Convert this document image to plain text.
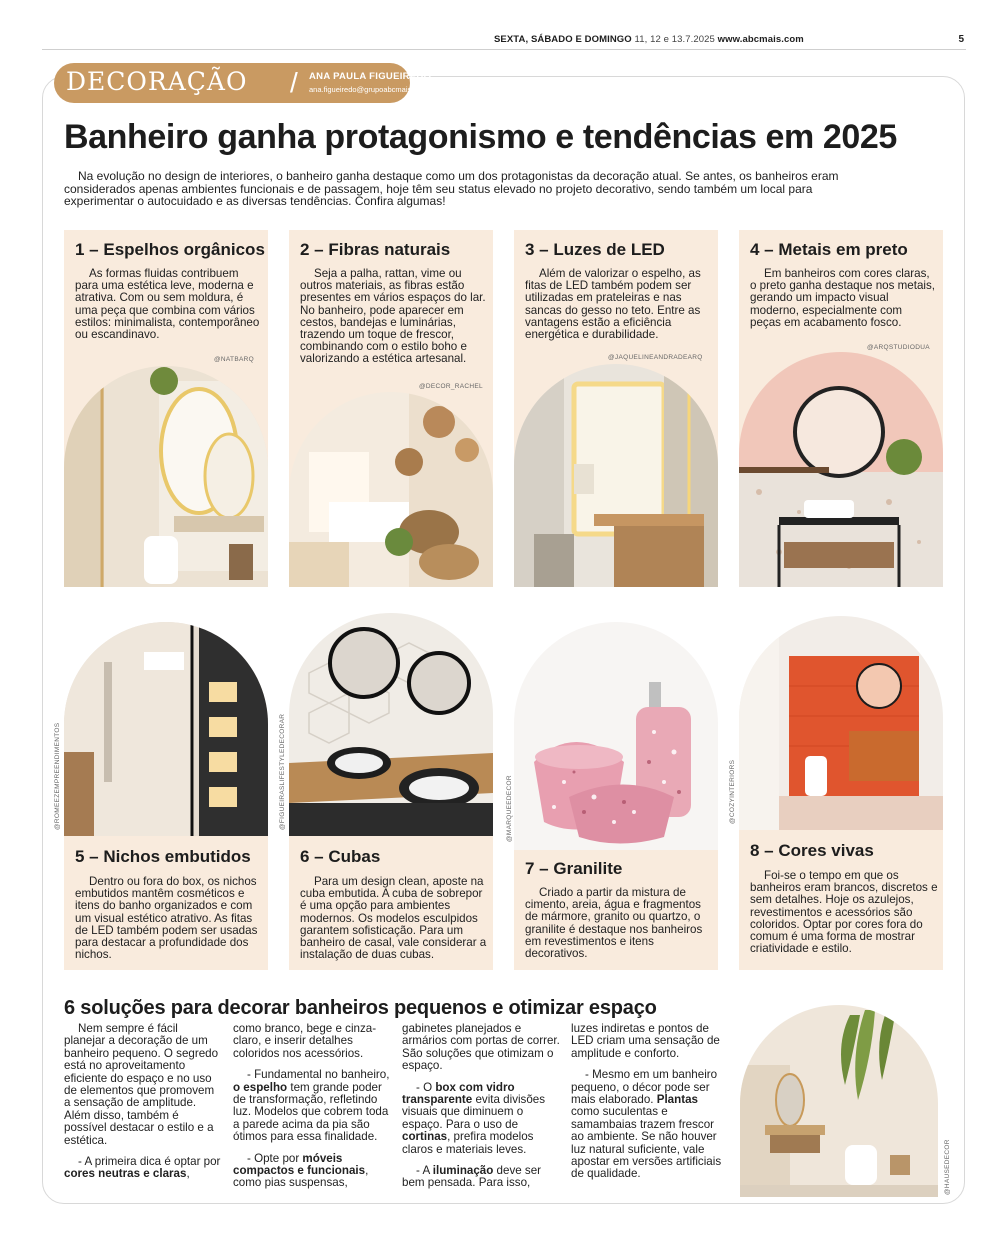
SEXTA, SÁBADO E DOMINGO 11, 12 e 13.7.2025 www.abcmais.com	5
DECORAÇÃO / ANA PAULA FIGUEIREDO
ana.figueiredo@grupoabcmais.com.br
Banheiro ganha protagonismo e tendências em 2025

Na evolução no design de interiores, o banheiro ganha destaque como um dos protagonistas da decoração atual. Se antes, os banheiros eram considerados apenas ambientes funcionais e de passagem, hoje têm seu status elevado no projeto decorativo, sendo também um local para experimentar o autocuidado e as diversas tendências. Confira algumas!

1 – Espelhos orgânicos

As formas fluidas contribuem para uma estética leve, moderna e atrativa. Com ou sem moldura, é uma peça que combina com vários estilos: minimalista, contemporâneo ou escandinavo.

@NATBARQ
2 – Fibras naturais

Seja a palha, rattan, vime ou outros materiais, as fibras estão presentes em vários espaços do lar. No banheiro, pode aparecer em cestos, bandejas e luminárias, trazendo um toque de frescor, combinando com o estilo boho e valorizando a estética artesanal.

@DECOR_RACHEL
3 – Luzes de LED

Além de valorizar o espelho, as fitas de LED também podem ser utilizadas em prateleiras e nas sancas do gesso no teto. Entre as vantagens estão a eficiência energética e durabilidade.

@JAQUELINEANDRADEARQ
4 – Metais em preto

Em banheiros com cores claras, o preto ganha destaque nos metais, gerando um impacto visual moderno, especialmente com peças em acabamento fosco.

@ARQSTUDIODUA
5 – Nichos embutidos

Dentro ou fora do box, os nichos embutidos mantêm cosméticos e itens do banho organizados e com um visual estético atrativo. As fitas de LED também podem ser usadas para destacar a profundidade dos nichos.

@ROMEEZEMPREENDIMENTOS
6 – Cubas

Para um design clean, aposte na cuba embutida. A cuba de sobrepor é uma opção para ambientes modernos. Os modelos esculpidos garantem sofisticação. Para um banheiro de casal, vale considerar a instalação de duas cubas.

@FIGUEIRASLIFESTYLEDECORAR
7 – Granilite

Criado a partir da mistura de cimento, areia, água e fragmentos de mármore, granito ou quartzo, o granilite é destaque nos banheiros em revestimentos e itens decorativos.

@MARQUEEDECOR
8 – Cores vivas

Foi-se o tempo em que os banheiros eram brancos, discretos e sem detalhes. Hoje os azulejos, revestimentos e acessórios são coloridos. Optar por cores fora do comum é uma forma de mostrar criatividade e estilo.

@COZYINTERIORS
6 soluções para decorar banheiros pequenos e otimizar espaço

Nem sempre é fácil planejar a decoração de um banheiro pequeno. O segredo está no aproveitamento eficiente do espaço e no uso de elementos que promovem a sensação de amplitude. Além disso, também é possível destacar o estilo e a estética.

- A primeira dica é optar por cores neutras e claras,

como branco, bege e cinza-claro, e inserir detalhes coloridos nos acessórios.

- Fundamental no banheiro, o espelho tem grande poder de transformação, refletindo luz. Modelos que cobrem toda a parede acima da pia são ótimos para essa finalidade.

- Opte por móveis compactos e funcionais, como pias suspensas,

gabinetes planejados e armários com portas de correr. São soluções que otimizam o espaço.

- O box com vidro transparente evita divisões visuais que diminuem o espaço. Para o uso de cortinas, prefira modelos claros e materiais leves.

- A iluminação deve ser bem pensada. Para isso,

luzes indiretas e pontos de LED criam uma sensação de amplitude e conforto.

- Mesmo em um banheiro pequeno, o décor pode ser mais elaborado. Plantas como suculentas e samambaias trazem frescor ao ambiente. Se não houver luz natural suficiente, vale apostar em versões artificiais de qualidade.	@HAUSEDECOR
